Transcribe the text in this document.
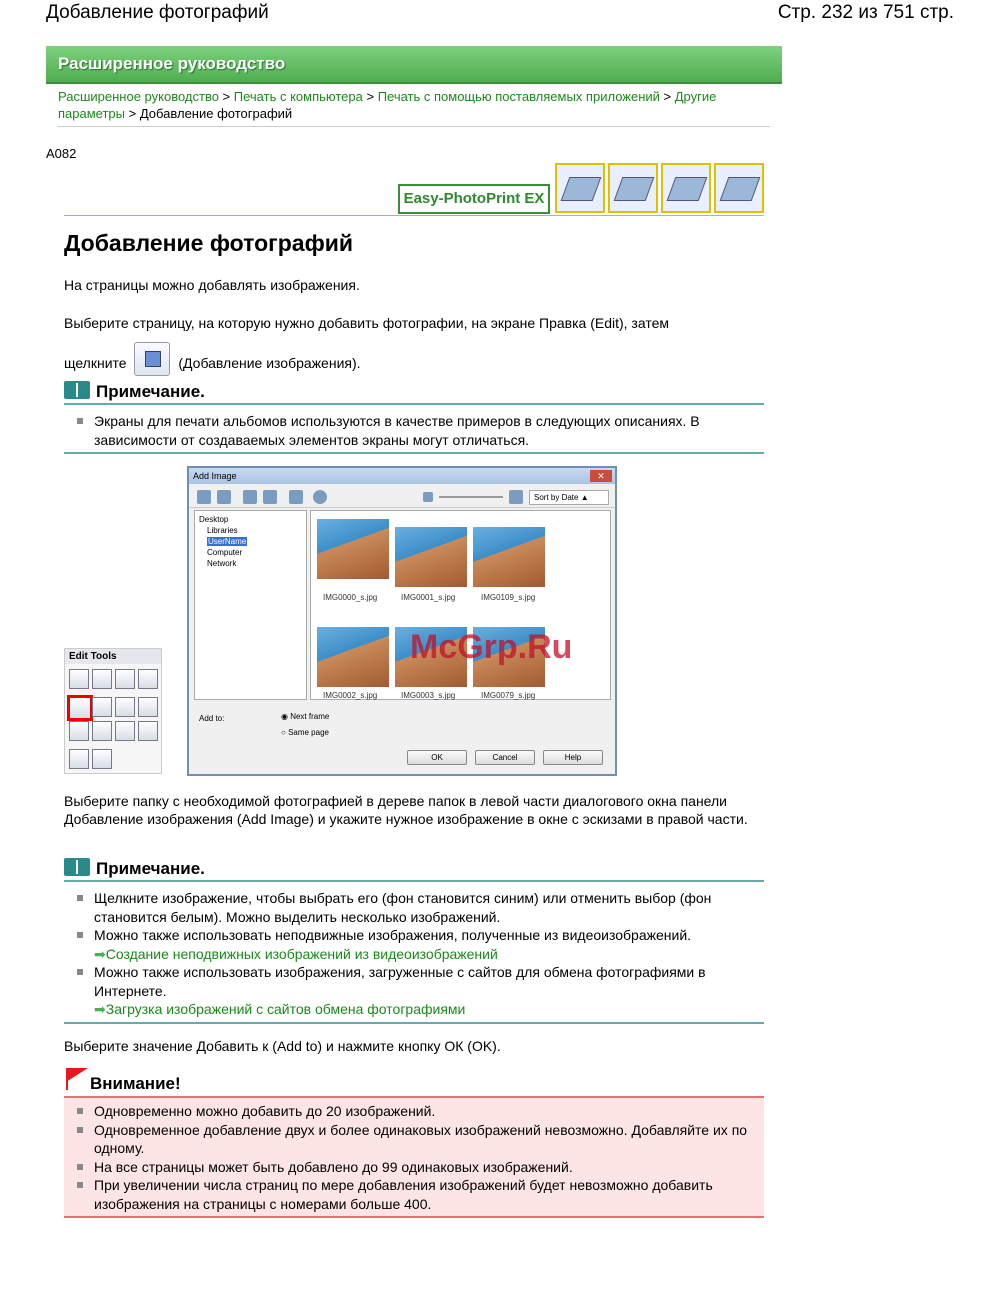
Добавление фотографий	Стр. 232 из 751 стр.
Расширенное руководство
Расширенное руководство > Печать с компьютера > Печать с помощью поставляемых приложений > Другие параметры > Добавление фотографий
A082
Easy-PhotoPrint EX
Добавление фотографий
На страницы можно добавлять изображения.
Выберите страницу, на которую нужно добавить фотографии, на экране Правка (Edit), затем
щелкните	(Добавление изображения).
Примечание.
Экраны для печати альбомов используются в качестве примеров в следующих описаниях. В зависимости от создаваемых элементов экраны могут отличаться.
Edit Tools
Add Image	✕
Sort by Date ▲
Desktop
Libraries
UserName
Computer
Network
IMG0000_s.jpg	IMG0001_s.jpg	IMG0109_s.jpg
IMG0002_s.jpg	IMG0003_s.jpg	IMG0079_s.jpg
Add to:
◉	Next frame
○ Same page
OK	Cancel	Help
McGrp.Ru
Выберите папку с необходимой фотографией в дереве папок в левой части диалогового окна панели Добавление изображения (Add Image) и укажите нужное изображение в окне с эскизами в правой части.
Примечание.
Щелкните изображение, чтобы выбрать его (фон становится синим) или отменить выбор (фон становится белым). Можно выделить несколько изображений.
Можно также использовать неподвижные изображения, полученные из видеоизображений.
➡Создание неподвижных изображений из видеоизображений
Можно также использовать изображения, загруженные с сайтов для обмена фотографиями в Интернете.
➡Загрузка изображений с сайтов обмена фотографиями
Выберите значение Добавить к (Add to) и нажмите кнопку ОК (OK).
Внимание!
Одновременно можно добавить до 20 изображений.
Одновременное добавление двух и более одинаковых изображений невозможно. Добавляйте их по одному.
На все страницы может быть добавлено до 99 одинаковых изображений.
При увеличении числа страниц по мере добавления изображений будет невозможно добавить изображения на страницы с номерами больше 400.
